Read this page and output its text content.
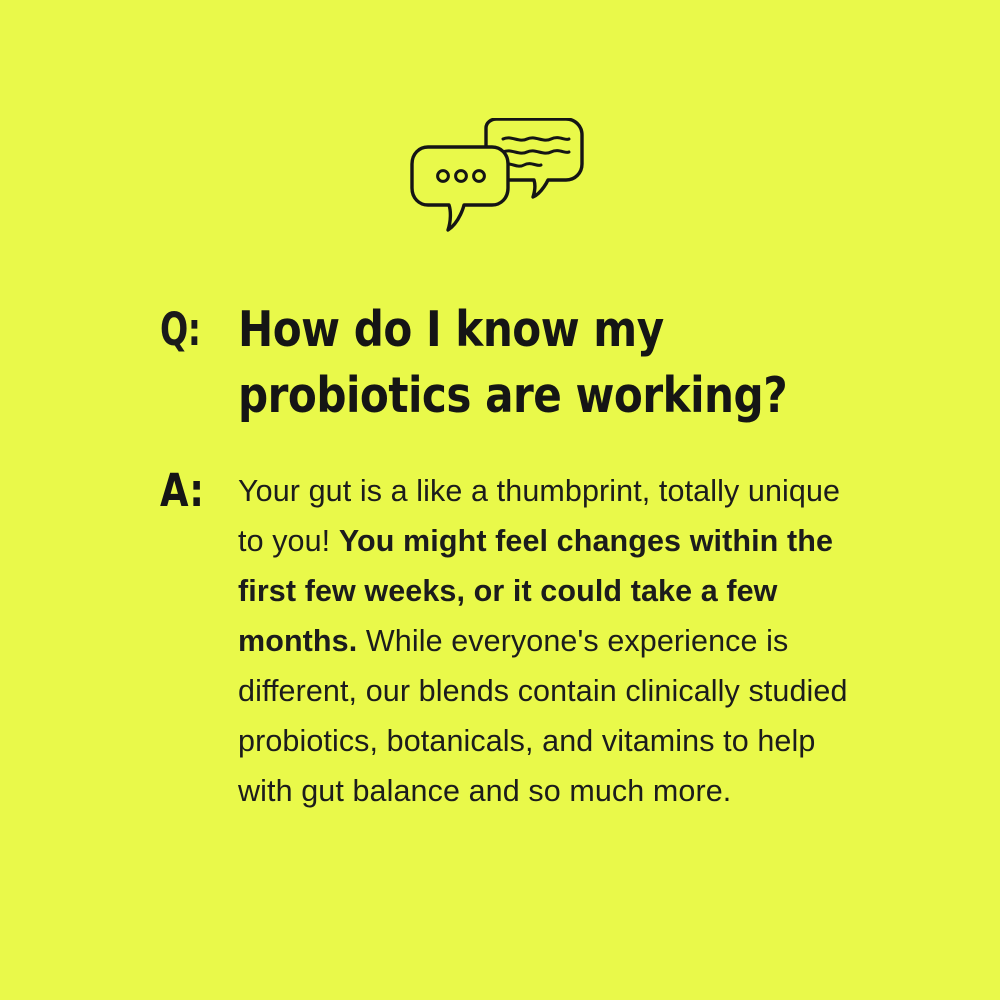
Q: How do I know my
probiotics are working?
A:	Your gut is a like a thumbprint, totally unique to you! You might feel changes within the first few weeks, or it could take a few months. While everyone's experience is different, our blends contain clinically studied probiotics, botanicals, and vitamins to help with gut balance and so much more.
